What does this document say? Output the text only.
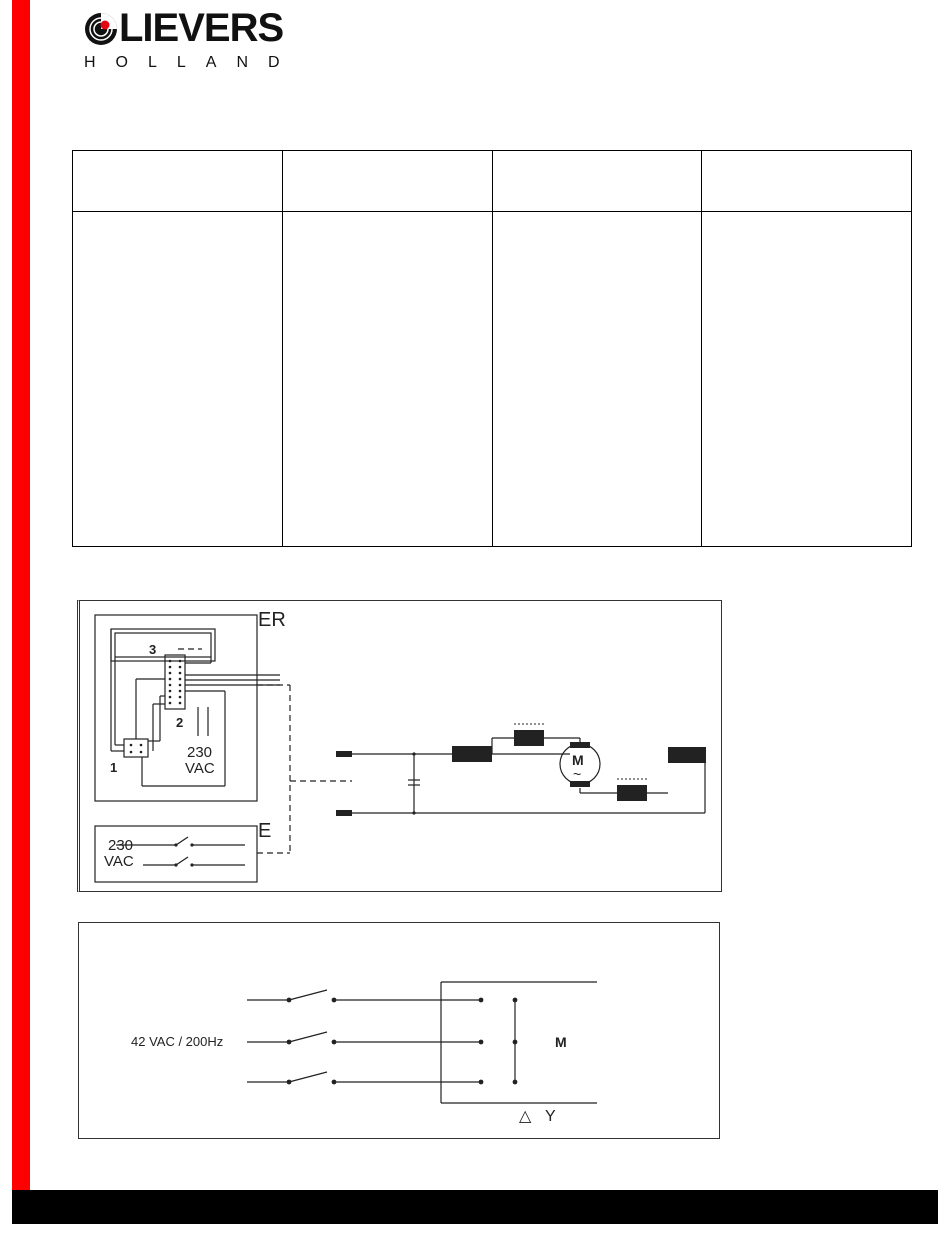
LIEVERS
HOLLAND

ER
E
3
2
1
230
VAC
230
VAC
M
~
42 VAC / 200Hz	M
△ Y
